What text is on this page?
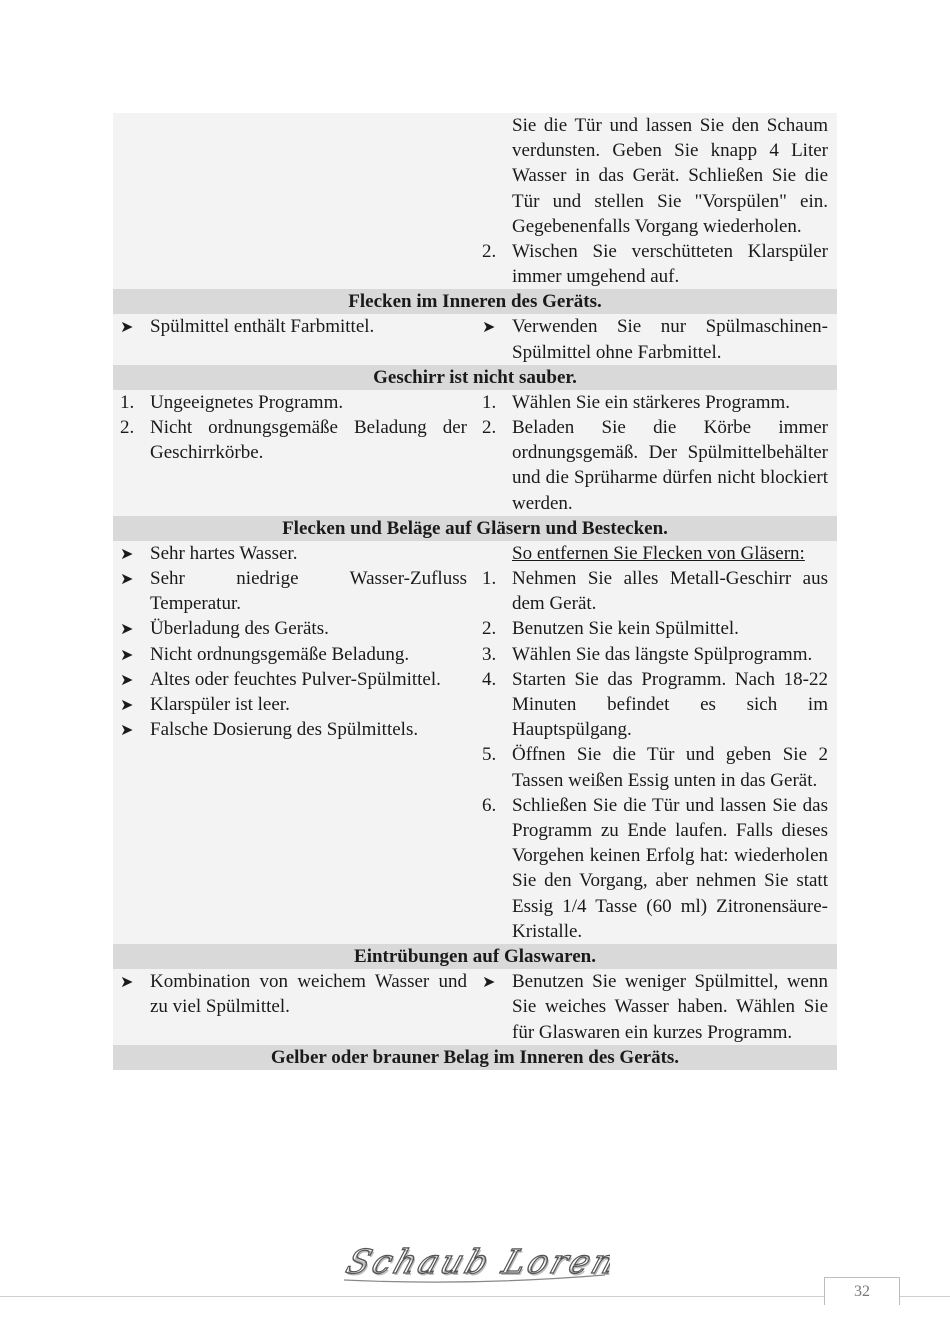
Sie die Tür und lassen Sie den Schaum verdunsten. Geben Sie knapp 4 Liter Wasser in das Gerät. Schließen Sie die Tür und stellen Sie "Vorspülen" ein. Gegebenenfalls Vorgang wiederholen.
2. Wischen Sie verschütteten Klarspüler immer umgehend auf.
Flecken im Inneren des Geräts.
➤ Spülmittel enthält Farbmittel.	➤ Verwenden Sie nur Spülmaschinen-Spülmittel ohne Farbmittel.
Geschirr ist nicht sauber.
1. Ungeeignetes Programm.
2. Nicht ordnungsgemäße Beladung der Geschirrkörbe.
1. Wählen Sie ein stärkeres Programm.
2. Beladen Sie die Körbe immer ordnungsgemäß. Der Spülmittelbehälter und die Sprüharme dürfen nicht blockiert werden.
Flecken und Beläge auf Gläsern und Bestecken.
➤ Sehr hartes Wasser.
➤ Sehr niedrige Wasser-Zufluss Temperatur.
➤ Überladung des Geräts.
➤ Nicht ordnungsgemäße Beladung.
➤ Altes oder feuchtes Pulver-Spülmittel.
➤ Klarspüler ist leer.
➤ Falsche Dosierung des Spülmittels.
So entfernen Sie Flecken von Gläsern:
1. Nehmen Sie alles Metall-Geschirr aus dem Gerät.
2. Benutzen Sie kein Spülmittel.
3. Wählen Sie das längste Spülprogramm.
4. Starten Sie das Programm. Nach 18-22 Minuten befindet es sich im Hauptspülgang.
5. Öffnen Sie die Tür und geben Sie 2 Tassen weißen Essig unten in das Gerät.
6. Schließen Sie die Tür und lassen Sie das Programm zu Ende laufen. Falls dieses Vorgehen keinen Erfolg hat: wiederholen Sie den Vorgang, aber nehmen Sie statt Essig 1/4 Tasse (60 ml) Zitronensäure-Kristalle.
Eintrübungen auf Glaswaren.
➤ Kombination von weichem Wasser und zu viel Spülmittel.
➤ Benutzen Sie weniger Spülmittel, wenn Sie weiches Wasser haben. Wählen Sie für Glaswaren ein kurzes Programm.
Gelber oder brauner Belag im Inneren des Geräts.
Schaub Lorenz
Schaub Lorenz
32
